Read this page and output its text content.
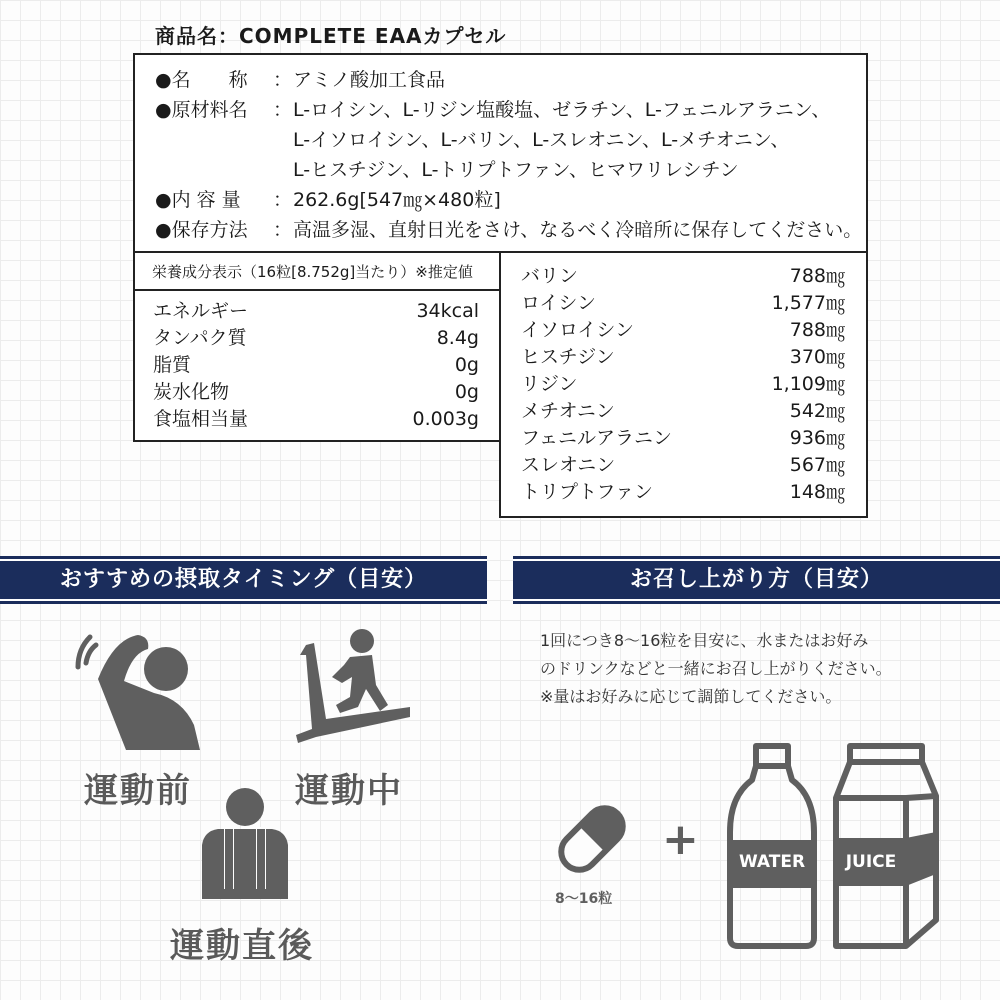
商品名：COMPLETE EAAカプセル
●名　　称 ：アミノ酸加工食品
●原材料名 ：L-ロイシン、L-リジン塩酸塩、ゼラチン、L-フェニルアラニン、
L-イソロイシン、L-バリン、L-スレオニン、L-メチオニン、
L-ヒスチジン、L-トリプトファン、ヒマワリレシチン
●内 容 量 ：262.6g[547㎎×480粒]
●保存方法 ：高温多湿、直射日光をさけ、なるべく冷暗所に保存してください。
栄養成分表示（16粒[8.752g]当たり）※推定値
エネルギー	34kcal
タンパク質	8.4g
脂質	0g
炭水化物	0g
食塩相当量	0.003g
バリン	788㎎
ロイシン	1,577㎎
イソロイシン	788㎎
ヒスチジン	370㎎
リジン	1,109㎎
メチオニン	542㎎
フェニルアラニン	936㎎
スレオニン	567㎎
トリプトファン	148㎎
おすすめの摂取タイミング（目安）	お召し上がり方（目安）
運動前	運動中
運動直後
1回につき8～16粒を目安に、水またはお好み
のドリンクなどと一緒にお召し上がりください。
※量はお好みに応じて調節してください。
8～16粒
+	WATER	JUICE
